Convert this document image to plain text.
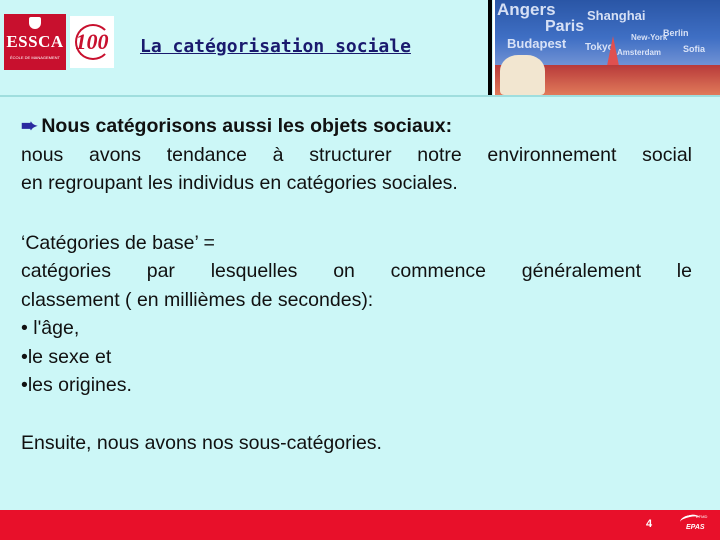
ESSCA
ÉCOLE DE MANAGEMENT
100	La catégorisation sociale
Angers Shanghai
Paris
Budapest Tokyo Amsterdam
Berlin
Sofia
New-York

➨ Nous catégorisons aussi les objets sociaux:

nous avons tendance à structurer notre environnement social

en regroupant les individus en catégories sociales.

‘Catégories de base’ =

catégories par lesquelles on commence généralement le

classement ( en millièmes de secondes):

• l'âge,

•le sexe et

•les origines.

Ensuite, nous avons nos sous-catégories.

4
EFMD
EPAS
